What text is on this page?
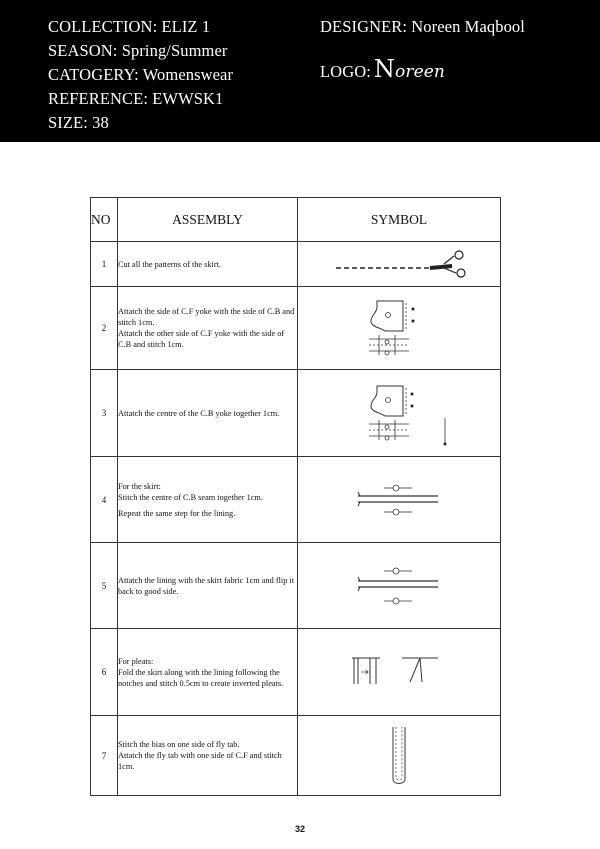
COLLECTION: ELIZ 1
SEASON: Spring/Summer
CATOGERY: Womenswear
REFERENCE: EWWSK1
SIZE: 38
DESIGNER: Noreen Maqbool
LOGO: Noreen
NO	ASSEMBLY	SYMBOL
1	Cut all the patterns of the skirt.

2	Attatch the side of C.F yoke with the side of C.B and stitch 1cm.

Attatch the other side of C.F yoke with the side of C.B and stitch 1cm.

3	Attatch the centre of the C.B yoke together 1cm.

4	For the skirt:

Stitch the centre of C.B seam together 1cm.

Repeat the same step for the lining.

5	Attatch the lining with the skirt fabric 1cm and flip it back to good side.

6	For pleats:

Fold the skirt along with the lining following the notches and stitch 0.5cm to create inverted pleats.

7	Stitch the bias on one side of fly tab.

Attatch the fly tab with one side of C.F and stitch 1cm.

32
